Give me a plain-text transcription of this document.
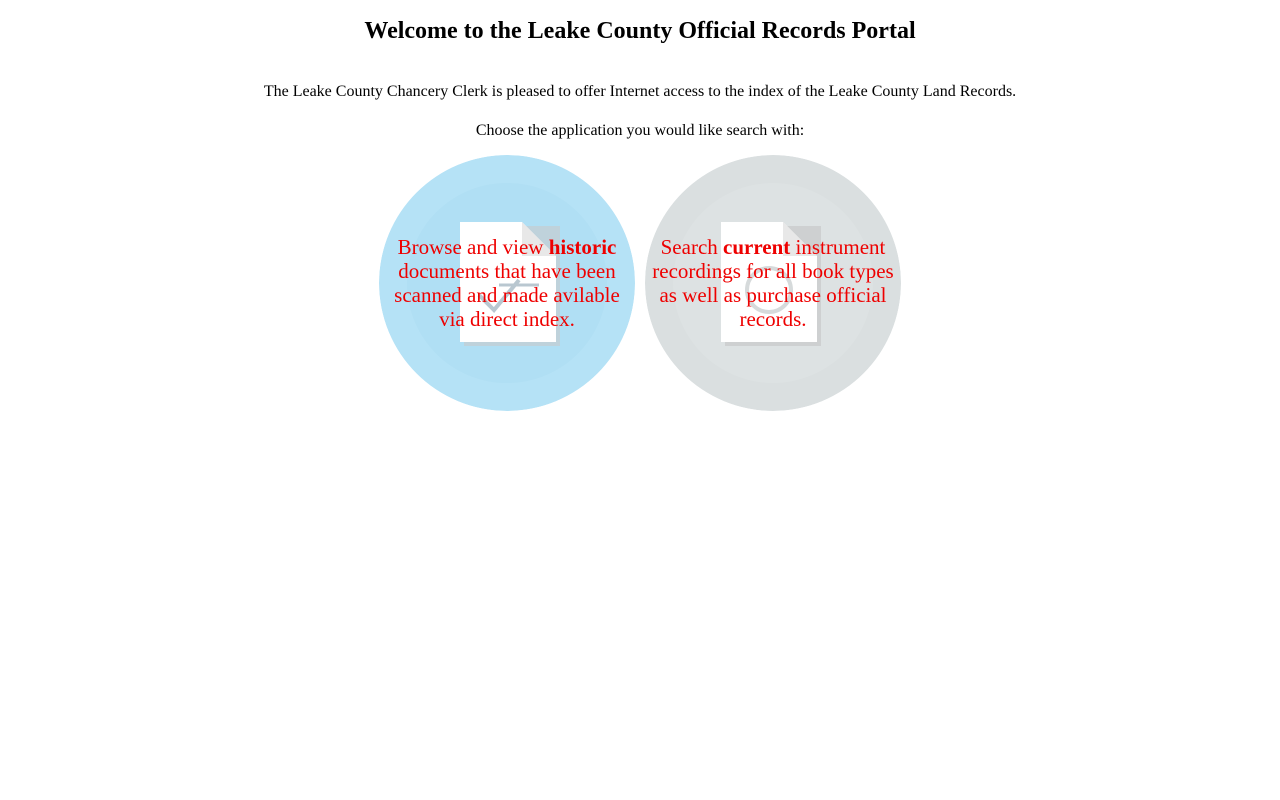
Welcome to the Leake County Official Records Portal

The Leake County Chancery Clerk is pleased to offer Internet access to the index of the Leake County Land Records.

Choose the application you would like search with:

Browse and view historic documents that have been scanned and made avilable via direct index.
Search current instrument recordings for all book types as well as purchase official records.
